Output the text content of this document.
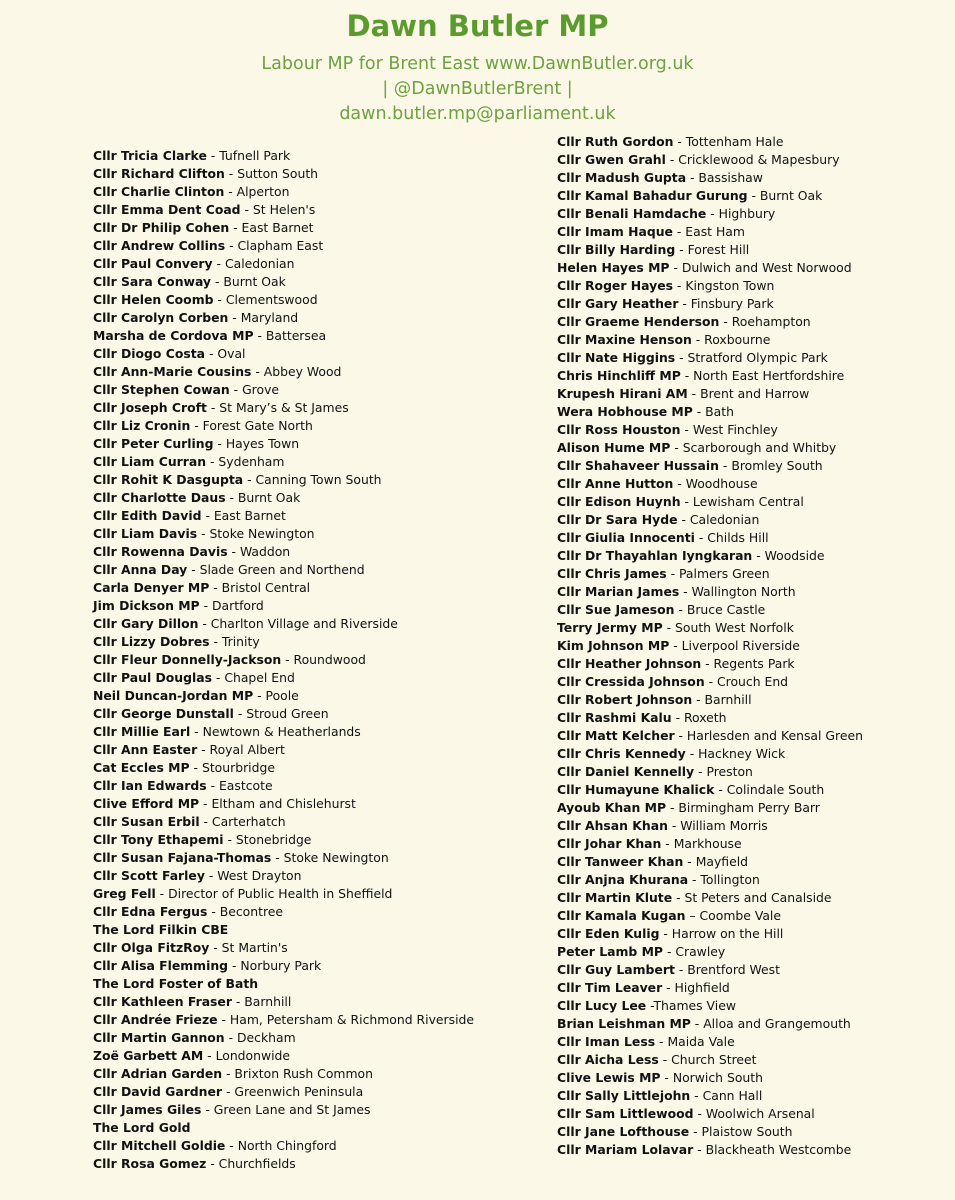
Dawn Butler MP

Labour MP for Brent East www.DawnButler.org.uk
| @DawnButlerBrent |
dawn.butler.mp@parliament.uk

Cllr Tricia Clarke - Tufnell Park
Cllr Richard Clifton - Sutton South
Cllr Charlie Clinton - Alperton
Cllr Emma Dent Coad - St Helen's
Cllr Dr Philip Cohen - East Barnet
Cllr Andrew Collins - Clapham East
Cllr Paul Convery - Caledonian
Cllr Sara Conway - Burnt Oak
Cllr Helen Coomb - Clementswood
Cllr Carolyn Corben - Maryland
Marsha de Cordova MP - Battersea
Cllr Diogo Costa - Oval
Cllr Ann-Marie Cousins - Abbey Wood
Cllr Stephen Cowan - Grove
Cllr Joseph Croft - St Mary’s & St James
Cllr Liz Cronin - Forest Gate North
Cllr Peter Curling - Hayes Town
Cllr Liam Curran - Sydenham
Cllr Rohit K Dasgupta - Canning Town South
Cllr Charlotte Daus - Burnt Oak
Cllr Edith David - East Barnet
Cllr Liam Davis - Stoke Newington
Cllr Rowenna Davis - Waddon
Cllr Anna Day - Slade Green and Northend
Carla Denyer MP - Bristol Central
Jim Dickson MP - Dartford
Cllr Gary Dillon - Charlton Village and Riverside
Cllr Lizzy Dobres - Trinity
Cllr Fleur Donnelly-Jackson - Roundwood
Cllr Paul Douglas - Chapel End
Neil Duncan-Jordan MP - Poole
Cllr George Dunstall - Stroud Green
Cllr Millie Earl - Newtown & Heatherlands
Cllr Ann Easter - Royal Albert
Cat Eccles MP - Stourbridge
Cllr Ian Edwards - Eastcote
Clive Efford MP - Eltham and Chislehurst
Cllr Susan Erbil - Carterhatch
Cllr Tony Ethapemi - Stonebridge
Cllr Susan Fajana-Thomas - Stoke Newington
Cllr Scott Farley - West Drayton
Greg Fell - Director of Public Health in Sheffield
Cllr Edna Fergus - Becontree
The Lord Filkin CBE
Cllr Olga FitzRoy - St Martin's
Cllr Alisa Flemming - Norbury Park
The Lord Foster of Bath
Cllr Kathleen Fraser - Barnhill
Cllr Andrée Frieze - Ham, Petersham & Richmond Riverside
Cllr Martin Gannon - Deckham
Zoë Garbett AM - Londonwide
Cllr Adrian Garden - Brixton Rush Common
Cllr David Gardner - Greenwich Peninsula
Cllr James Giles - Green Lane and St James
The Lord Gold
Cllr Mitchell Goldie - North Chingford
Cllr Rosa Gomez - Churchfields
Cllr Ruth Gordon - Tottenham Hale
Cllr Gwen Grahl - Cricklewood & Mapesbury
Cllr Madush Gupta - Bassishaw
Cllr Kamal Bahadur Gurung - Burnt Oak
Cllr Benali Hamdache - Highbury
Cllr Imam Haque - East Ham
Cllr Billy Harding - Forest Hill
Helen Hayes MP - Dulwich and West Norwood
Cllr Roger Hayes - Kingston Town
Cllr Gary Heather - Finsbury Park
Cllr Graeme Henderson - Roehampton
Cllr Maxine Henson - Roxbourne
Cllr Nate Higgins - Stratford Olympic Park
Chris Hinchliff MP - North East Hertfordshire
Krupesh Hirani AM - Brent and Harrow
Wera Hobhouse MP - Bath
Cllr Ross Houston - West Finchley
Alison Hume MP - Scarborough and Whitby
Cllr Shahaveer Hussain - Bromley South
Cllr Anne Hutton - Woodhouse
Cllr Edison Huynh - Lewisham Central
Cllr Dr Sara Hyde - Caledonian
Cllr Giulia Innocenti - Childs Hill
Cllr Dr Thayahlan Iyngkaran - Woodside
Cllr Chris James - Palmers Green
Cllr Marian James - Wallington North
Cllr Sue Jameson - Bruce Castle
Terry Jermy MP - South West Norfolk
Kim Johnson MP - Liverpool Riverside
Cllr Heather Johnson - Regents Park
Cllr Cressida Johnson - Crouch End
Cllr Robert Johnson - Barnhill
Cllr Rashmi Kalu - Roxeth
Cllr Matt Kelcher - Harlesden and Kensal Green
Cllr Chris Kennedy - Hackney Wick
Cllr Daniel Kennelly - Preston
Cllr Humayune Khalick - Colindale South
Ayoub Khan MP - Birmingham Perry Barr
Cllr Ahsan Khan - William Morris
Cllr Johar Khan - Markhouse
Cllr Tanweer Khan - Mayfield
Cllr Anjna Khurana - Tollington
Cllr Martin Klute - St Peters and Canalside
Cllr Kamala Kugan – Coombe Vale
Cllr Eden Kulig - Harrow on the Hill
Peter Lamb MP - Crawley
Cllr Guy Lambert - Brentford West
Cllr Tim Leaver - Highfield
Cllr Lucy Lee -Thames View
Brian Leishman MP - Alloa and Grangemouth
Cllr Iman Less - Maida Vale
Cllr Aicha Less - Church Street
Clive Lewis MP - Norwich South
Cllr Sally Littlejohn - Cann Hall
Cllr Sam Littlewood - Woolwich Arsenal
Cllr Jane Lofthouse - Plaistow South
Cllr Mariam Lolavar - Blackheath Westcombe
